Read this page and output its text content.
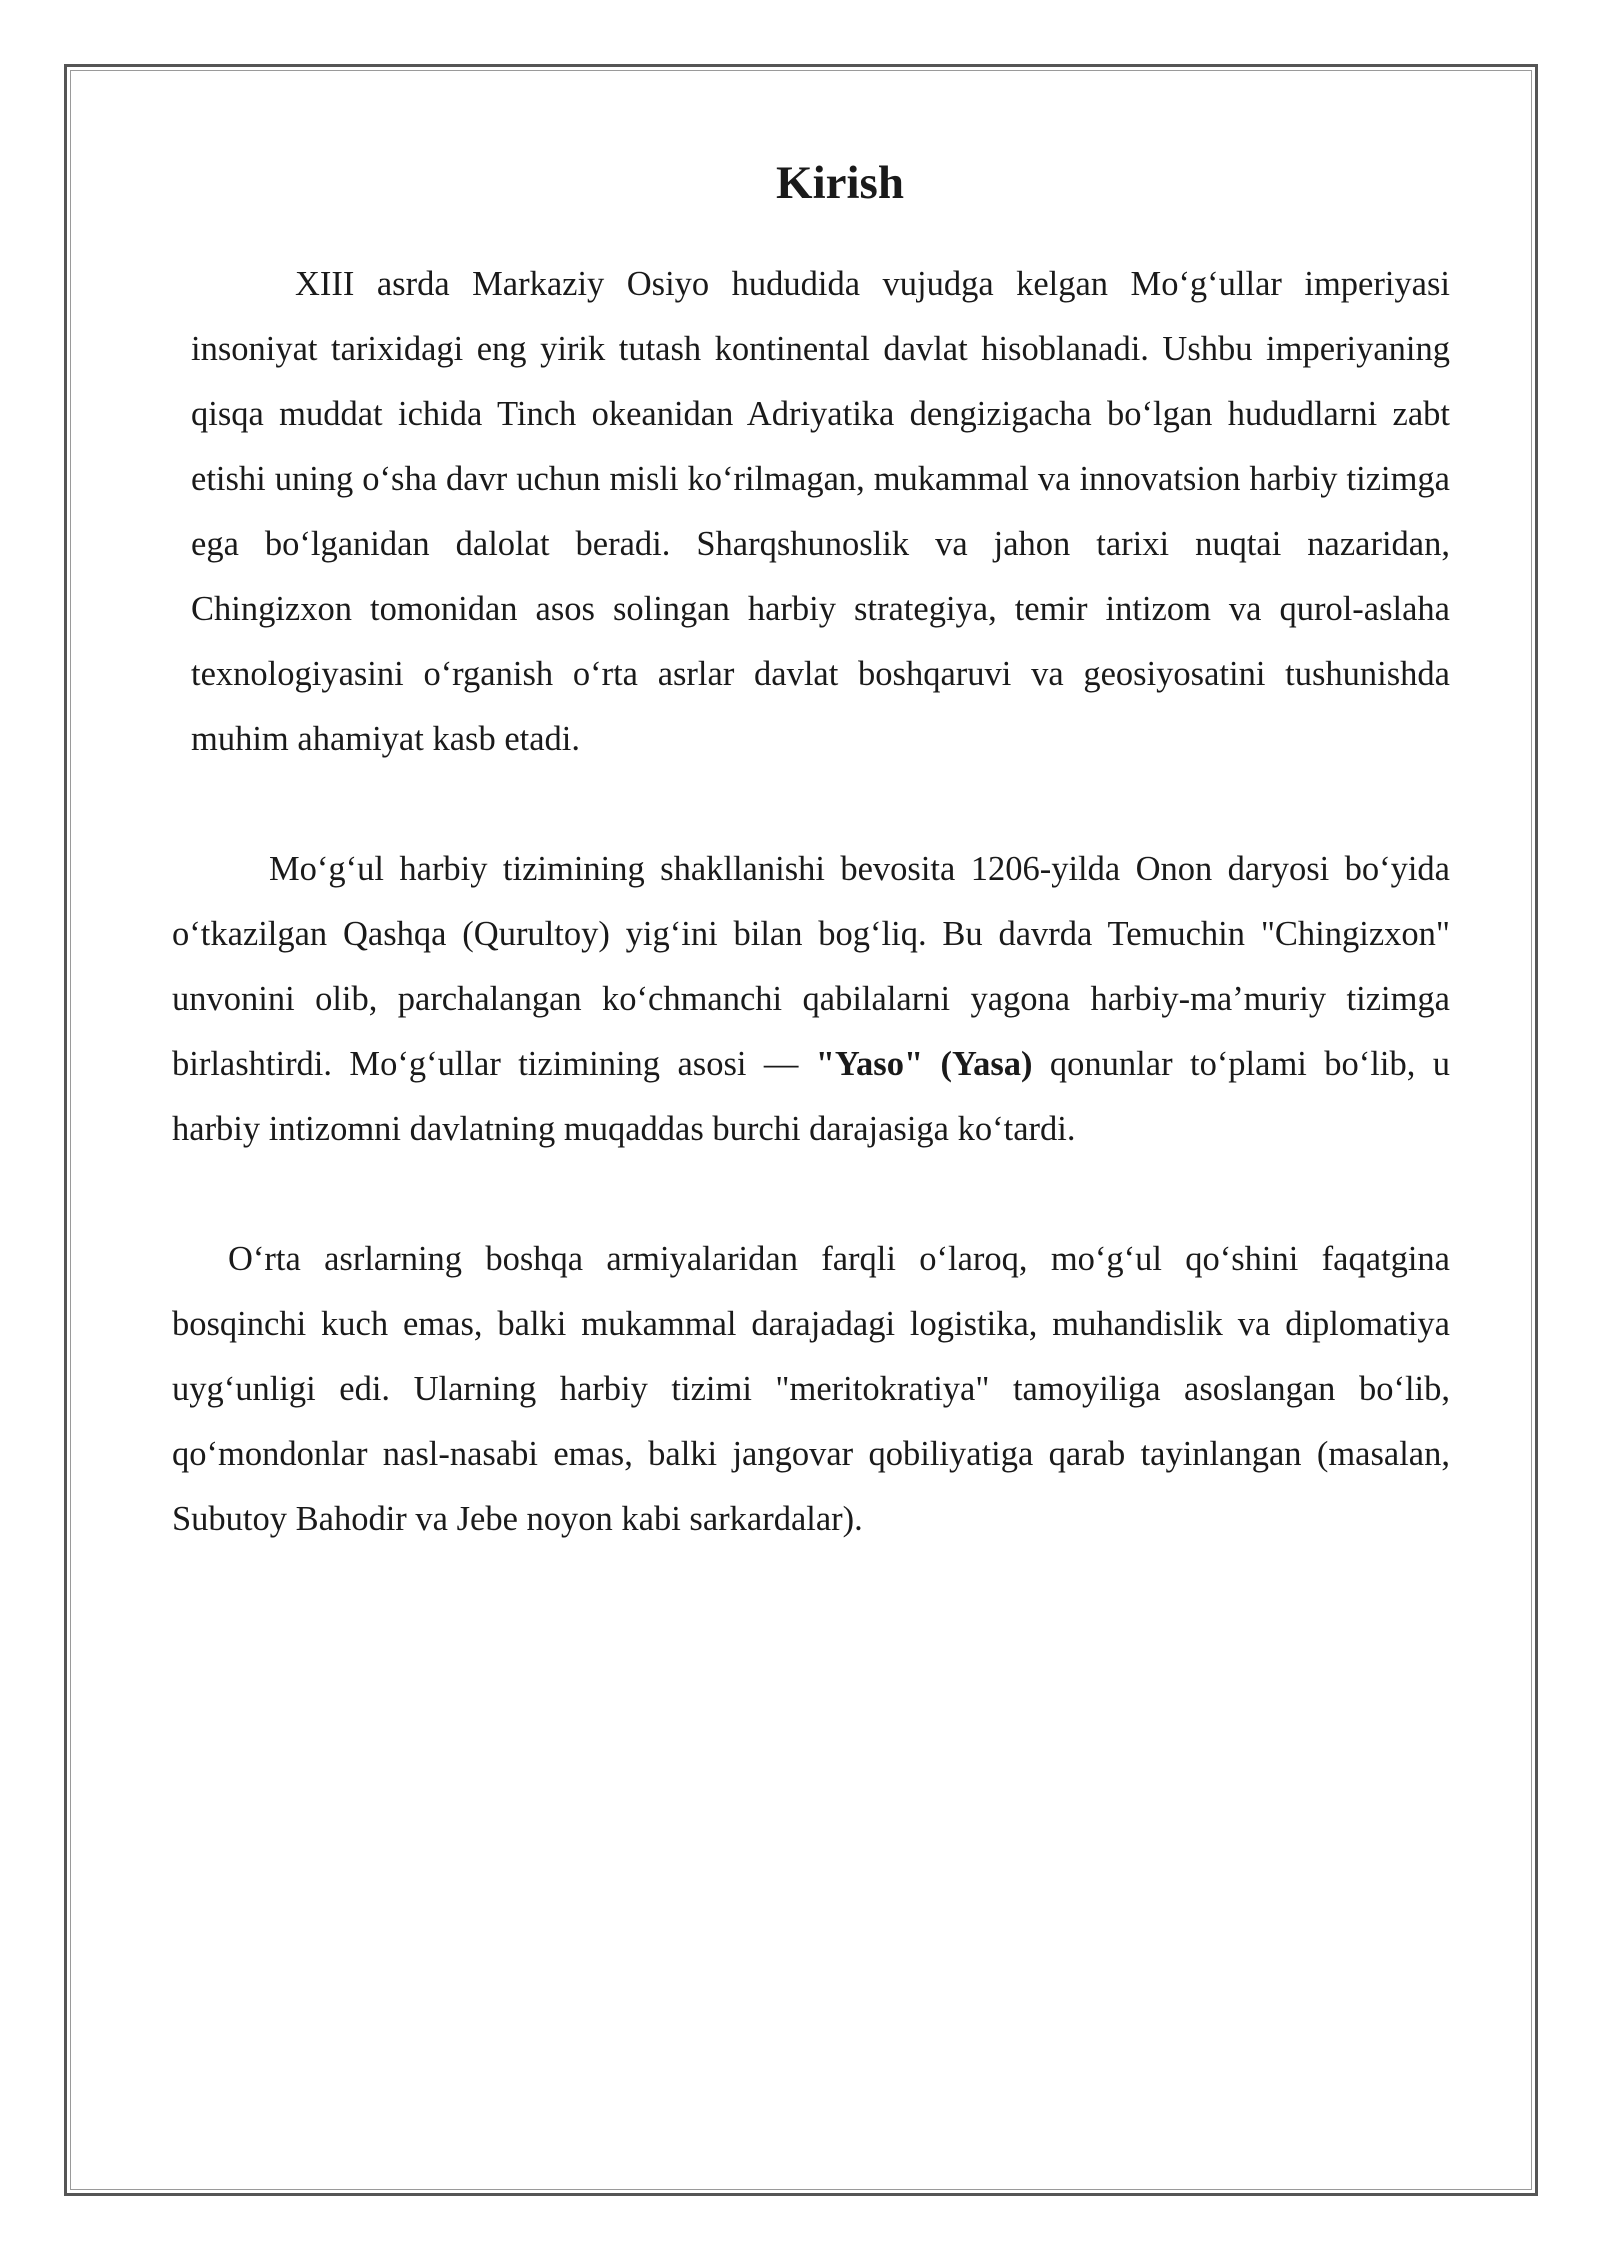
Kirish

XIII asrda Markaziy Osiyo hududida vujudga kelgan Moʻgʻullar imperiyasi insoniyat tarixidagi eng yirik tutash kontinental davlat hisoblanadi. Ushbu imperiyaning qisqa muddat ichida Tinch okeanidan Adriyatika dengizigacha boʻlgan hududlarni zabt etishi uning oʻsha davr uchun misli koʻrilmagan, mukammal va innovatsion harbiy tizimga ega boʻlganidan dalolat beradi. Sharqshunoslik va jahon tarixi nuqtai nazaridan, Chingizxon tomonidan asos solingan harbiy strategiya, temir intizom va qurol-aslaha texnologiyasini oʻrganish oʻrta asrlar davlat boshqaruvi va geosiyosatini tushunishda muhim ahamiyat kasb etadi.

Moʻgʻul harbiy tizimining shakllanishi bevosita 1206-yilda Onon daryosi boʻyida oʻtkazilgan Qashqa (Qurultoy) yigʻini bilan bogʻliq. Bu davrda Temuchin "Chingizxon" unvonini olib, parchalangan koʻchmanchi qabilalarni yagona harbiy-ma’muriy tizimga birlashtirdi. Moʻgʻullar tizimining asosi — "Yaso" (Yasa) qonunlar toʻplami boʻlib, u harbiy intizomni davlatning muqaddas burchi darajasiga koʻtardi.

Oʻrta asrlarning boshqa armiyalaridan farqli oʻlaroq, moʻgʻul qoʻshini faqatgina bosqinchi kuch emas, balki mukammal darajadagi logistika, muhandislik va diplomatiya uygʻunligi edi. Ularning harbiy tizimi "meritokratiya" tamoyiliga asoslangan boʻlib, qoʻmondonlar nasl-nasabi emas, balki jangovar qobiliyatiga qarab tayinlangan (masalan, Subutoy Bahodir va Jebe noyon kabi sarkardalar).
